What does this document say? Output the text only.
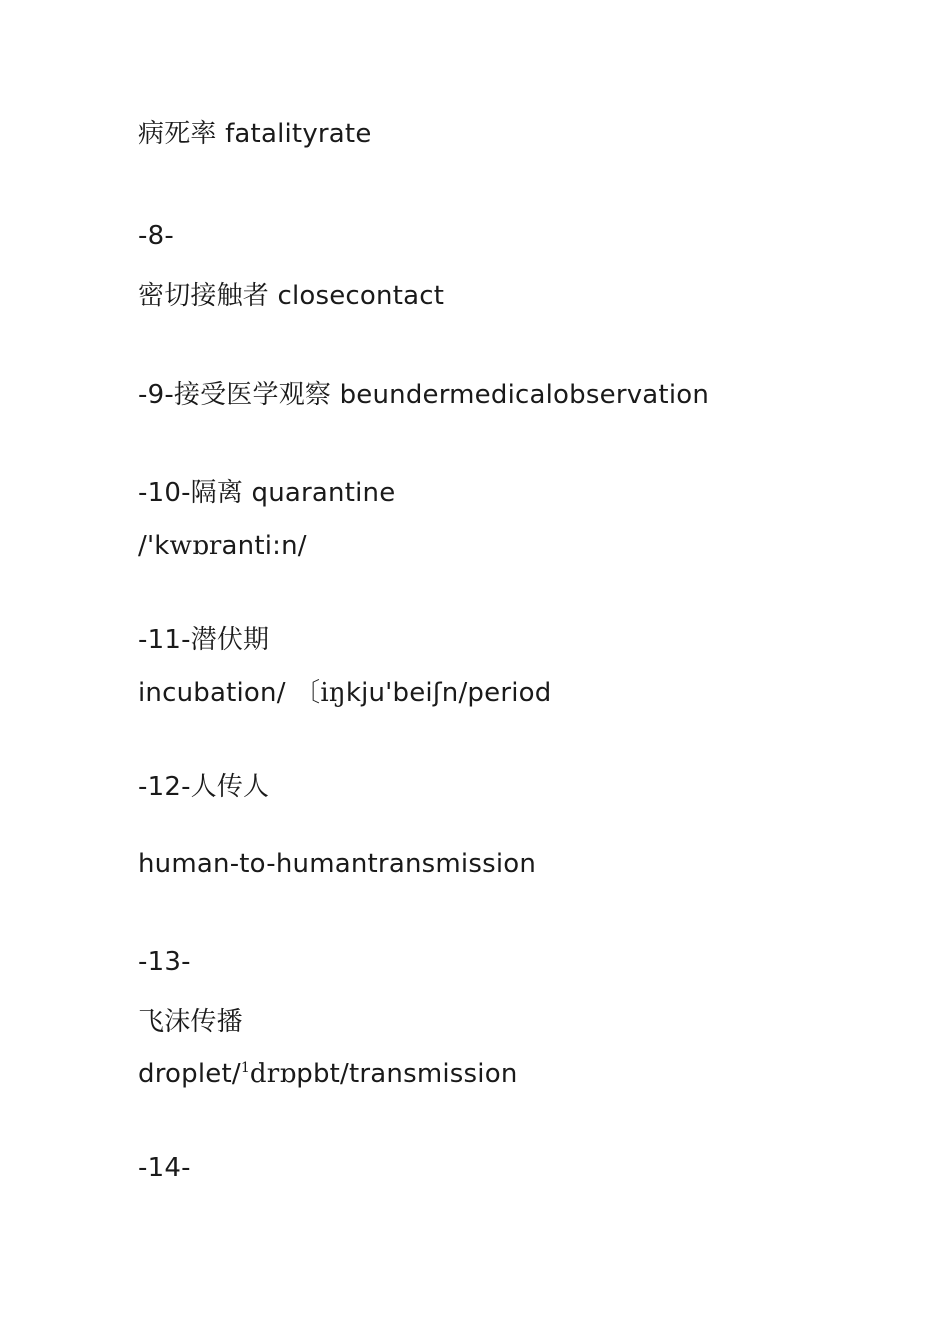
病死率 fatalityrate
-8-
密切接触者 closecontact
-9-接受医学观察 beundermedicalobservation
-10-隔离 quarantine
/'kwɒranti:n/
-11-潜伏期
incubation/ 〔iŋkju'beiʃn/period
-12-人传人
human-to-humantransmission
-13-
飞沫传播
droplet/$^1$drɒpbt/transmission
-14-
